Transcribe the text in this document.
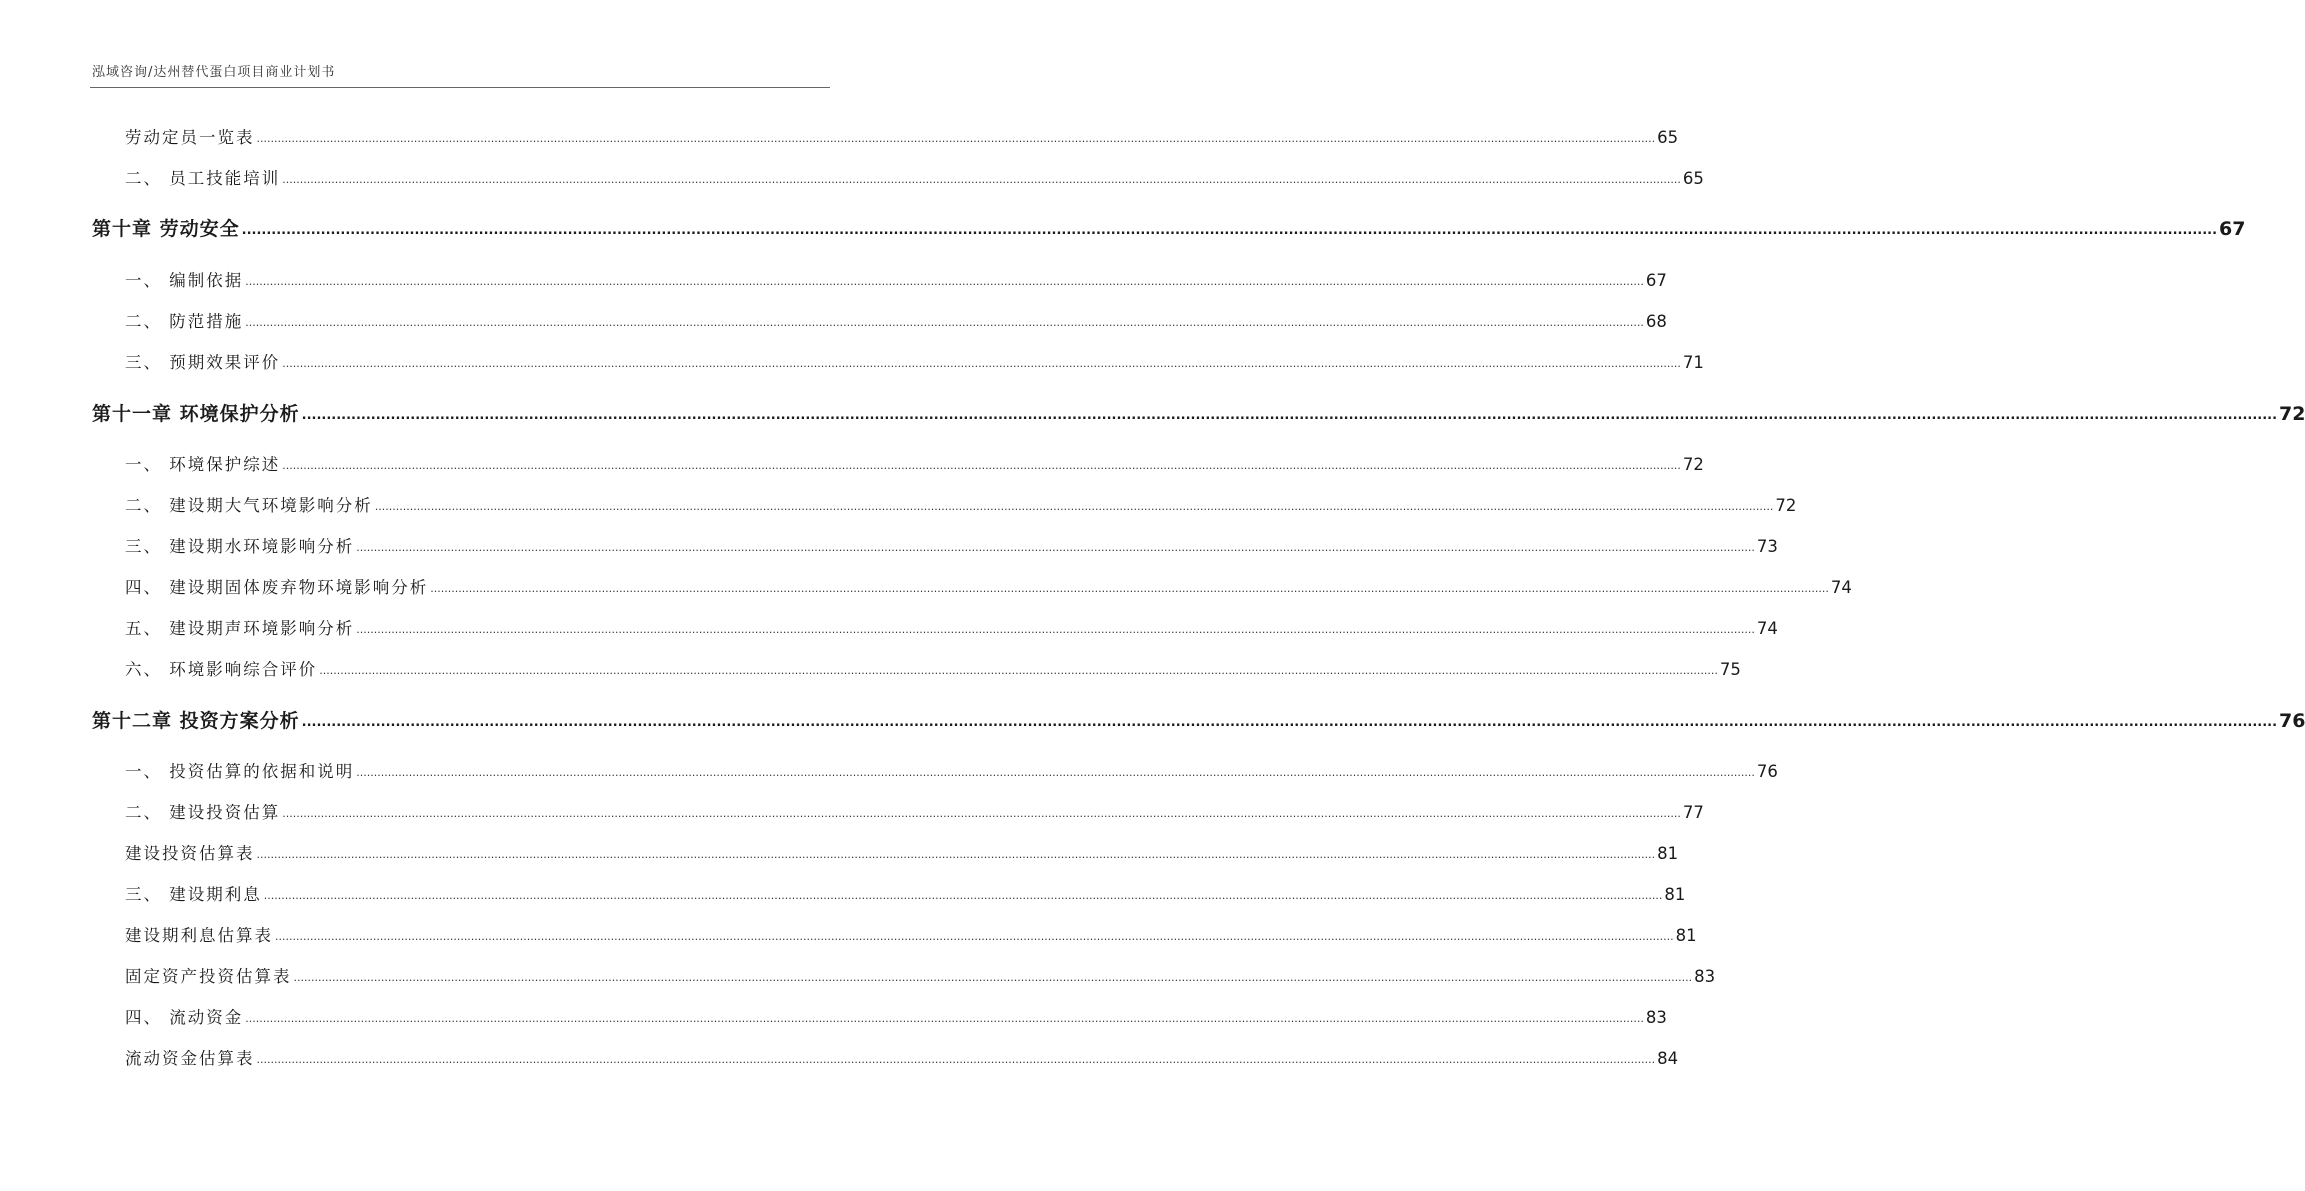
泓域咨询/达州替代蛋白项目商业计划书
劳动定员一览表 ................................................................................................................................................................................................................................................................................................................................................................................................................ 65
二、 员工技能培训 ................................................................................................................................................................................................................................................................................................................................................................................................................ 65
第十章 劳动安全 ................................................................................................................................................................................................................................................................................................................................................................................................................ 67
一、 编制依据 ................................................................................................................................................................................................................................................................................................................................................................................................................ 67
二、 防范措施 ................................................................................................................................................................................................................................................................................................................................................................................................................ 68
三、 预期效果评价 ................................................................................................................................................................................................................................................................................................................................................................................................................ 71
第十一章 环境保护分析 ................................................................................................................................................................................................................................................................................................................................................................................................................ 72
一、 环境保护综述 ................................................................................................................................................................................................................................................................................................................................................................................................................ 72
二、 建设期大气环境影响分析 ................................................................................................................................................................................................................................................................................................................................................................................................................ 72
三、 建设期水环境影响分析 ................................................................................................................................................................................................................................................................................................................................................................................................................ 73
四、 建设期固体废弃物环境影响分析 ................................................................................................................................................................................................................................................................................................................................................................................................................ 74
五、 建设期声环境影响分析 ................................................................................................................................................................................................................................................................................................................................................................................................................ 74
六、 环境影响综合评价 ................................................................................................................................................................................................................................................................................................................................................................................................................ 75
第十二章 投资方案分析 ................................................................................................................................................................................................................................................................................................................................................................................................................ 76
一、 投资估算的依据和说明 ................................................................................................................................................................................................................................................................................................................................................................................................................ 76
二、 建设投资估算 ................................................................................................................................................................................................................................................................................................................................................................................................................ 77
建设投资估算表 ................................................................................................................................................................................................................................................................................................................................................................................................................ 81
三、 建设期利息 ................................................................................................................................................................................................................................................................................................................................................................................................................ 81
建设期利息估算表 ................................................................................................................................................................................................................................................................................................................................................................................................................ 81
固定资产投资估算表 ................................................................................................................................................................................................................................................................................................................................................................................................................ 83
四、 流动资金 ................................................................................................................................................................................................................................................................................................................................................................................................................ 83
流动资金估算表 ................................................................................................................................................................................................................................................................................................................................................................................................................ 84
